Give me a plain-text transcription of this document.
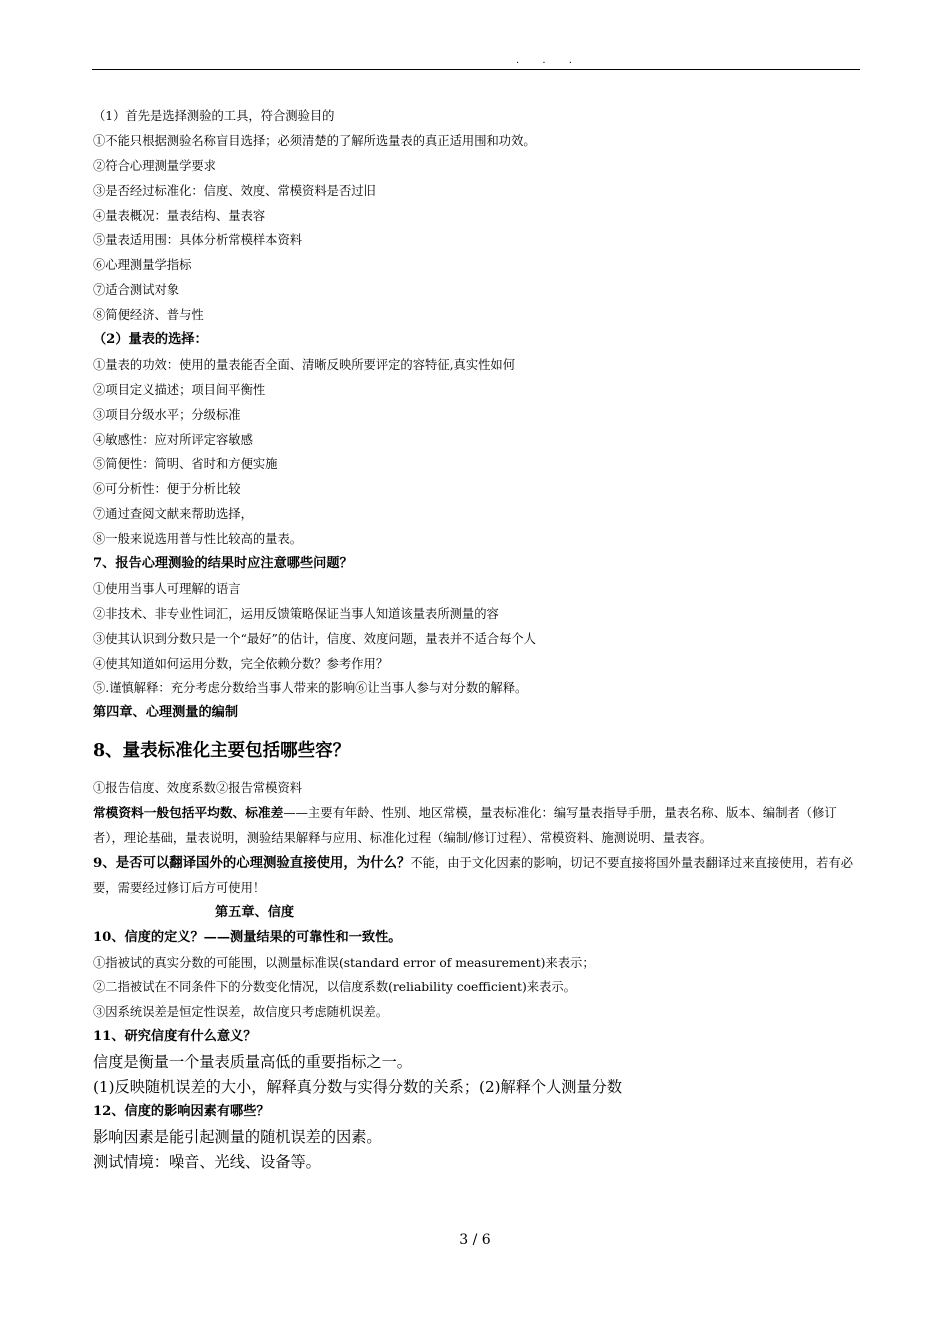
. . .
（1）首先是选择测验的工具，符合测验目的
①不能只根据测验名称盲目选择；必须清楚的了解所选量表的真正适用围和功效。
②符合心理测量学要求
③是否经过标准化：信度、效度、常模资料是否过旧
④量表概况：量表结构、量表容
⑤量表适用围：具体分析常模样本资料
⑥心理测量学指标
⑦适合测试对象
⑧简便经济、普与性
（2）量表的选择：
①量表的功效：使用的量表能否全面、清晰反映所要评定的容特征,真实性如何
②项目定义描述；项目间平衡性
③项目分级水平；分级标准
④敏感性：应对所评定容敏感
⑤简便性：简明、省时和方便实施
⑥可分析性：便于分析比较
⑦通过查阅文献来帮助选择，
⑧一般来说选用普与性比较高的量表。
7、报告心理测验的结果时应注意哪些问题？
①使用当事人可理解的语言
②非技术、非专业性词汇，运用反馈策略保证当事人知道该量表所测量的容
③使其认识到分数只是一个“最好”的估计，信度、效度问题，量表并不适合每个人
④使其知道如何运用分数，完全依赖分数？参考作用？
⑤.谨慎解释：充分考虑分数给当事人带来的影响⑥让当事人参与对分数的解释。
第四章、心理测量的编制
8、量表标准化主要包括哪些容？
①报告信度、效度系数②报告常模资料
常模资料一般包括平均数、标准差——主要有年龄、性别、地区常模，量表标准化：编写量表指导手册，量表名称、版本、编制者（修订者），理论基础，量表说明，测验结果解释与应用、标准化过程（编制/修订过程）、常模资料、施测说明、量表容。
9、是否可以翻译国外的心理测验直接使用，为什么？不能，由于文化因素的影响，切记不要直接将国外量表翻译过来直接使用，若有必要，需要经过修订后方可使用！
第五章、信度
10、信度的定义？——测量结果的可靠性和一致性。
①指被试的真实分数的可能围，以测量标准误(standard error of measurement)来表示；
②二指被试在不同条件下的分数变化情况，以信度系数(reliability coefficient)来表示。
③因系统误差是恒定性误差，故信度只考虑随机误差。
11、研究信度有什么意义？
信度是衡量一个量表质量高低的重要指标之一。
(1)反映随机误差的大小，解释真分数与实得分数的关系；(2)解释个人测量分数
12、信度的影响因素有哪些？
影响因素是能引起测量的随机误差的因素。
测试情境：噪音、光线、设备等。
3 / 6
